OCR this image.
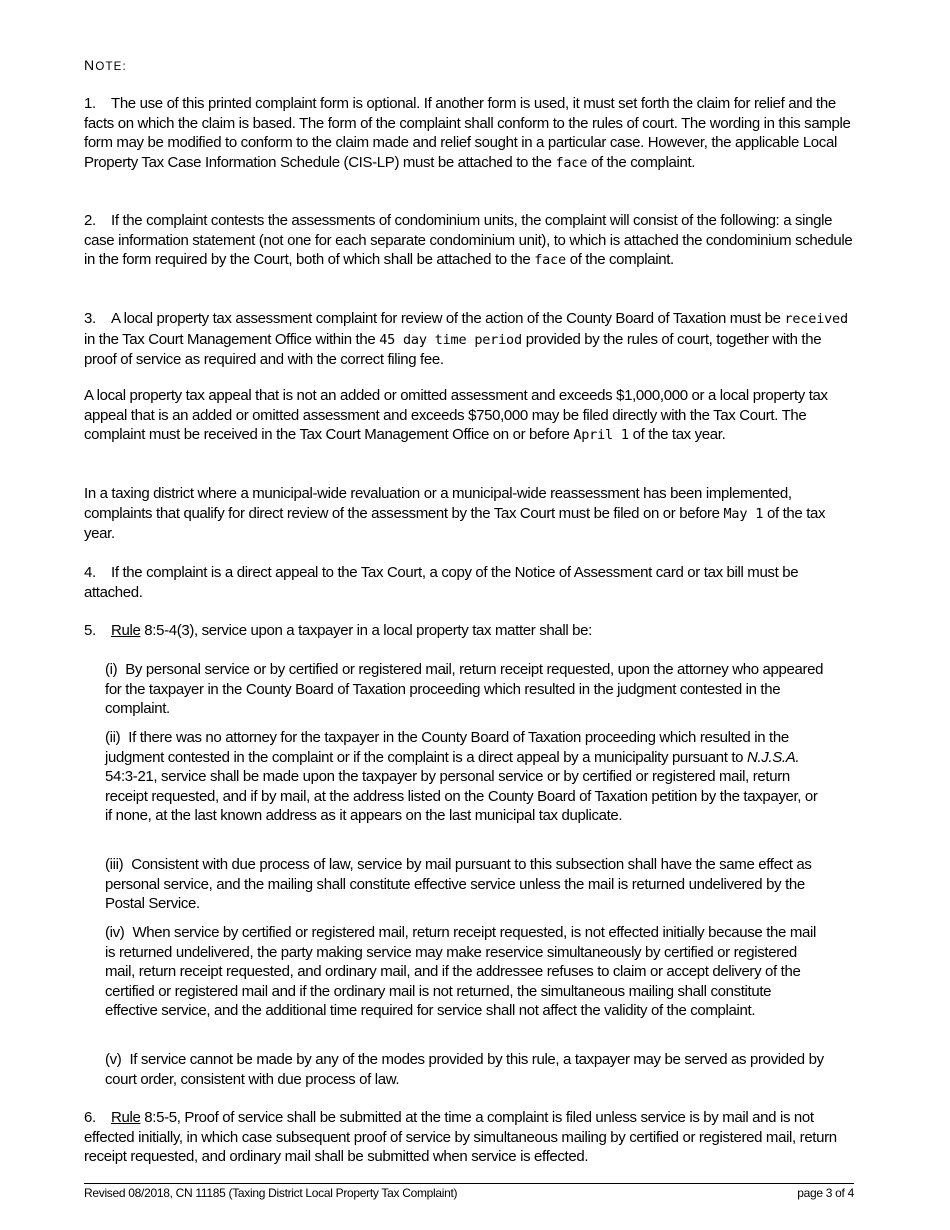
NOTE:
1. The use of this printed complaint form is optional. If another form is used, it must set forth the claim for relief and the facts on which the claim is based. The form of the complaint shall conform to the rules of court. The wording in this sample form may be modified to conform to the claim made and relief sought in a particular case. However, the applicable Local Property Tax Case Information Schedule (CIS-LP) must be attached to the face of the complaint.
2. If the complaint contests the assessments of condominium units, the complaint will consist of the following: a single case information statement (not one for each separate condominium unit), to which is attached the condominium schedule in the form required by the Court, both of which shall be attached to the face of the complaint.
3. A local property tax assessment complaint for review of the action of the County Board of Taxation must be received in the Tax Court Management Office within the 45 day time period provided by the rules of court, together with the proof of service as required and with the correct filing fee.
A local property tax appeal that is not an added or omitted assessment and exceeds $1,000,000 or a local property tax appeal that is an added or omitted assessment and exceeds $750,000 may be filed directly with the Tax Court. The complaint must be received in the Tax Court Management Office on or before April 1 of the tax year.
In a taxing district where a municipal-wide revaluation or a municipal-wide reassessment has been implemented, complaints that qualify for direct review of the assessment by the Tax Court must be filed on or before May 1 of the tax year.
4. If the complaint is a direct appeal to the Tax Court, a copy of the Notice of Assessment card or tax bill must be attached.
5. Rule 8:5-4(3), service upon a taxpayer in a local property tax matter shall be:
(i) By personal service or by certified or registered mail, return receipt requested, upon the attorney who appeared for the taxpayer in the County Board of Taxation proceeding which resulted in the judgment contested in the complaint.
(ii) If there was no attorney for the taxpayer in the County Board of Taxation proceeding which resulted in the judgment contested in the complaint or if the complaint is a direct appeal by a municipality pursuant to N.J.S.A. 54:3-21, service shall be made upon the taxpayer by personal service or by certified or registered mail, return receipt requested, and if by mail, at the address listed on the County Board of Taxation petition by the taxpayer, or if none, at the last known address as it appears on the last municipal tax duplicate.
(iii) Consistent with due process of law, service by mail pursuant to this subsection shall have the same effect as personal service, and the mailing shall constitute effective service unless the mail is returned undelivered by the Postal Service.
(iv) When service by certified or registered mail, return receipt requested, is not effected initially because the mail is returned undelivered, the party making service may make reservice simultaneously by certified or registered mail, return receipt requested, and ordinary mail, and if the addressee refuses to claim or accept delivery of the certified or registered mail and if the ordinary mail is not returned, the simultaneous mailing shall constitute effective service, and the additional time required for service shall not affect the validity of the complaint.
(v) If service cannot be made by any of the modes provided by this rule, a taxpayer may be served as provided by court order, consistent with due process of law.
6. Rule 8:5-5, Proof of service shall be submitted at the time a complaint is filed unless service is by mail and is not effected initially, in which case subsequent proof of service by simultaneous mailing by certified or registered mail, return receipt requested, and ordinary mail shall be submitted when service is effected.
Revised 08/2018, CN 11185 (Taxing District Local Property Tax Complaint)	page 3 of 4
